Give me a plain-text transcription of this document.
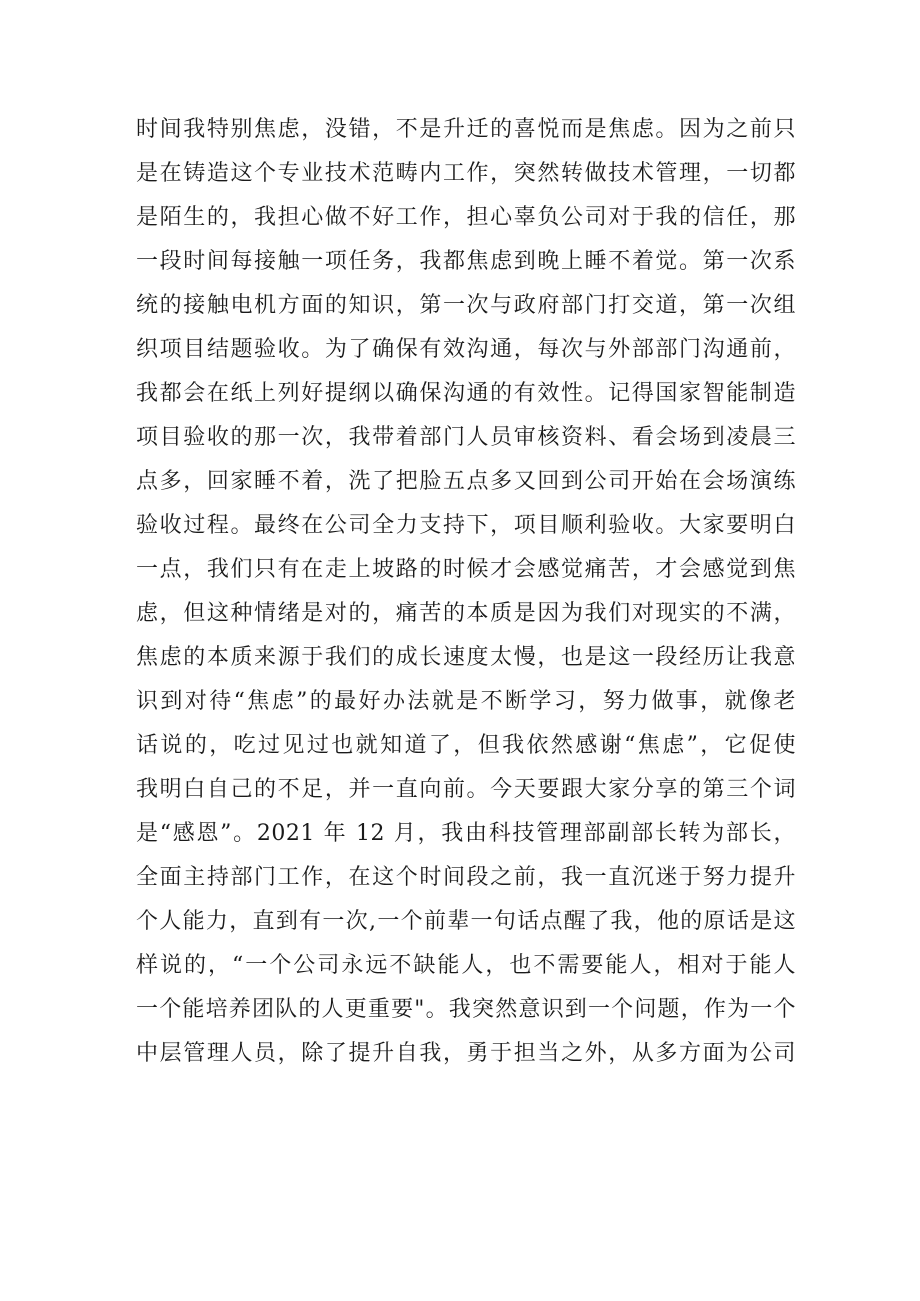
时间我特别焦虑，没错，不是升迁的喜悦而是焦虑。因为之前只
是在铸造这个专业技术范畴内工作，突然转做技术管理，一切都
是陌生的，我担心做不好工作，担心辜负公司对于我的信任，那
一段时间每接触一项任务，我都焦虑到晚上睡不着觉。第一次系
统的接触电机方面的知识，第一次与政府部门打交道，第一次组
织项目结题验收。为了确保有效沟通，每次与外部部门沟通前，
我都会在纸上列好提纲以确保沟通的有效性。记得国家智能制造
项目验收的那一次，我带着部门人员审核资料、看会场到凌晨三
点多，回家睡不着，洗了把脸五点多又回到公司开始在会场演练
验收过程。最终在公司全力支持下，项目顺利验收。大家要明白
一点，我们只有在走上坡路的时候才会感觉痛苦，才会感觉到焦
虑，但这种情绪是对的，痛苦的本质是因为我们对现实的不满，
焦虑的本质来源于我们的成长速度太慢，也是这一段经历让我意
识到对待“焦虑”的最好办法就是不断学习，努力做事，就像老
话说的，吃过见过也就知道了，但我依然感谢“焦虑”，它促使
我明白自己的不足，并一直向前。今天要跟大家分享的第三个词
是“感恩”。2021 年 12 月，我由科技管理部副部长转为部长，
全面主持部门工作，在这个时间段之前，我一直沉迷于努力提升
个人能力，直到有一次,一个前辈一句话点醒了我，他的原话是这
样说的，“一个公司永远不缺能人，也不需要能人，相对于能人
一个能培养团队的人更重要"。我突然意识到一个问题，作为一个
中层管理人员，除了提升自我，勇于担当之外，从多方面为公司
